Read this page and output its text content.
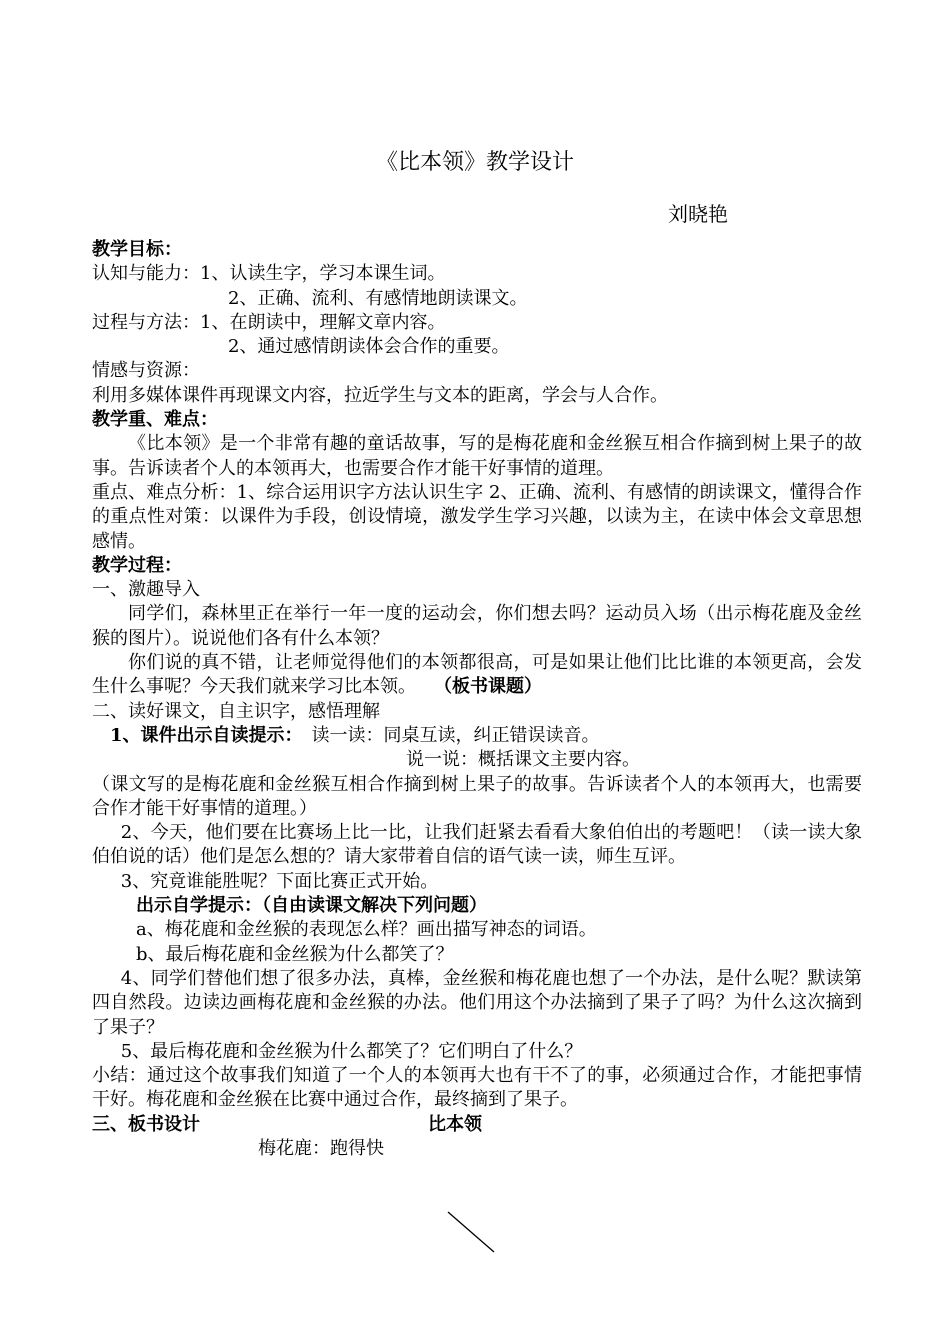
《比本领》教学设计
刘晓艳

教学目标：

认知与能力：1、认读生字，学习本课生词。

2、正确、流利、有感情地朗读课文。

过程与方法：1、在朗读中，理解文章内容。

2、通过感情朗读体会合作的重要。

情感与资源：

利用多媒体课件再现课文内容，拉近学生与文本的距离，学会与人合作。

教学重、难点：

《比本领》是一个非常有趣的童话故事，写的是梅花鹿和金丝猴互相合作摘到树上果子的故事。告诉读者个人的本领再大，也需要合作才能干好事情的道理。

重点、难点分析：1、综合运用识字方法认识生字 2、正确、流利、有感情的朗读课文，懂得合作的重点性对策：以课件为手段，创设情境，激发学生学习兴趣，以读为主，在读中体会文章思想感情。

教学过程：

一、激趣导入

同学们，森林里正在举行一年一度的运动会，你们想去吗？运动员入场（出示梅花鹿及金丝猴的图片）。说说他们各有什么本领？

你们说的真不错，让老师觉得他们的本领都很高，可是如果让他们比比谁的本领更高，会发生什么事呢？今天我们就来学习比本领。　　 （板书课题）

二、读好课文，自主识字，感悟理解

1、课件出示自读提示：　 读一读：同桌互读，纠正错误读音。

说一说：概括课文主要内容。

（课文写的是梅花鹿和金丝猴互相合作摘到树上果子的故事。告诉读者个人的本领再大，也需要合作才能干好事情的道理。）

2、今天，他们要在比赛场上比一比，让我们赶紧去看看大象伯伯出的考题吧！（读一读大象伯伯说的话）他们是怎么想的？请大家带着自信的语气读一读，师生互评。

3、究竟谁能胜呢？下面比赛正式开始。

出示自学提示：（自由读课文解决下列问题）

a、梅花鹿和金丝猴的表现怎么样？画出描写神态的词语。

b、最后梅花鹿和金丝猴为什么都笑了？

4、同学们替他们想了很多办法，真棒，金丝猴和梅花鹿也想了一个办法，是什么呢？默读第四自然段。边读边画梅花鹿和金丝猴的办法。他们用这个办法摘到了果子了吗？为什么这次摘到了果子？

5、最后梅花鹿和金丝猴为什么都笑了？它们明白了什么？

小结：通过这个故事我们知道了一个人的本领再大也有干不了的事，必须通过合作，才能把事情干好。梅花鹿和金丝猴在比赛中通过合作，最终摘到了果子。

三、板书设计	比本领

梅花鹿：跑得快
